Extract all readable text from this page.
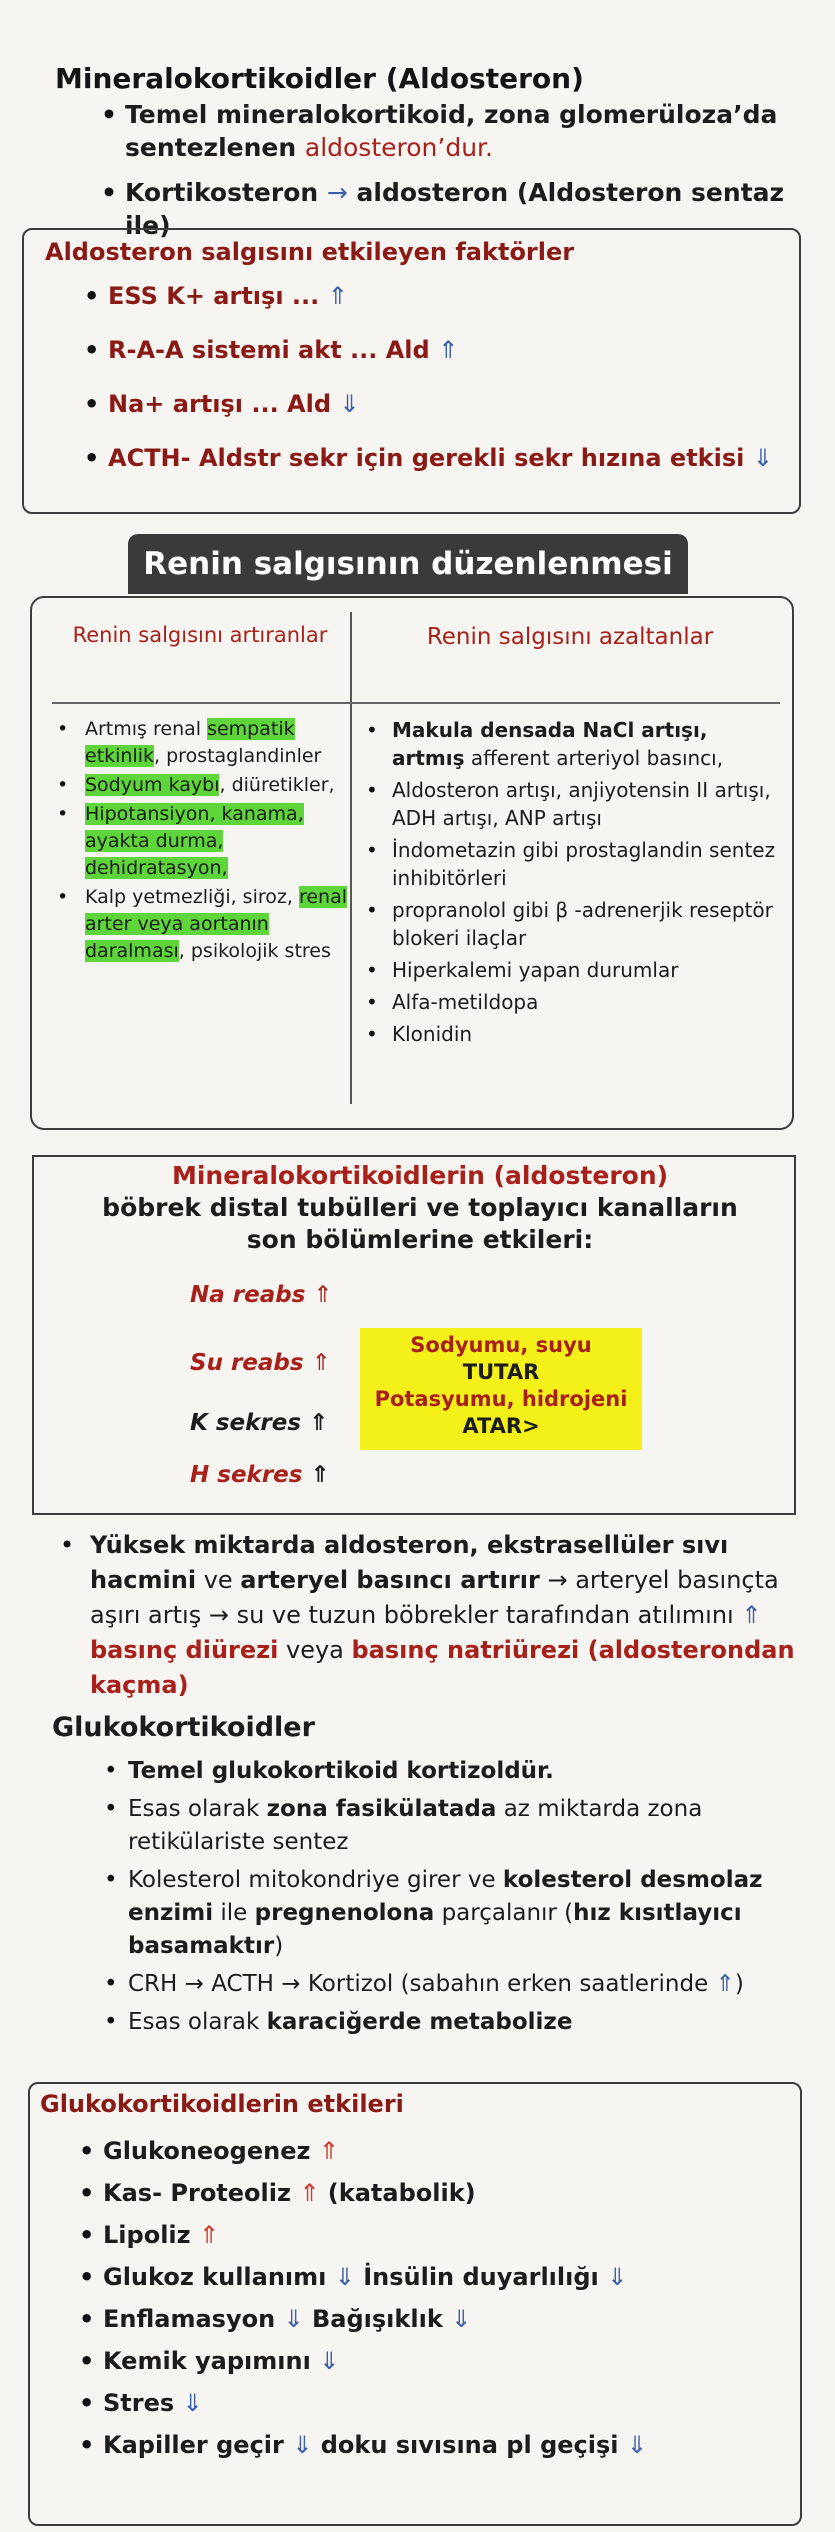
Mineralokortikoidler (Aldosteron)
• Temel mineralokortikoid, zona glomerüloza’da sentezlenen aldosteron’dur.
• Kortikosteron → aldosteron (Aldosteron sentaz ile)
Aldosteron salgısını etkileyen faktörler
• ESS K+ artışı ... ⇑
• R-A-A sistemi akt ... Ald ⇑
• Na+ artışı ... Ald ⇓
• ACTH- Aldstr sekr için gerekli sekr hızına etkisi ⇓
Renin salgısının düzenlenmesi
Renin salgısını artıranlar	Renin salgısını azaltanlar
• Artmış renal sempatik etkinlik, prostaglandinler
• Sodyum kaybı, diüretikler,
• Hipotansiyon, kanama, ayakta durma, dehidratasyon,
• Kalp yetmezliği, siroz, renal arter veya aortanın daralması, psikolojik stres
• Makula densada NaCl artışı, artmış afferent arteriyol basıncı,
• Aldosteron artışı, anjiyotensin II artışı, ADH artışı, ANP artışı
• İndometazin gibi prostaglandin sentez inhibitörleri
• propranolol gibi β -adrenerjik reseptör blokeri ilaçlar
• Hiperkalemi yapan durumlar
• Alfa-metildopa
• Klonidin
Mineralokortikoidlerin (aldosteron)
böbrek distal tubülleri ve toplayıcı kanalların son bölümlerine etkileri:
Na reabs ⇑
Su reabs ⇑
K sekres ⇑
H sekres ⇑
Sodyumu, suyu
TUTAR
Potasyumu, hidrojeni
ATAR>
• Yüksek miktarda aldosteron, ekstrasellüler sıvı hacmini ve arteryel basıncı artırır → arteryel basınçta aşırı artış → su ve tuzun böbrekler tarafından atılımını ⇑ basınç diürezi veya basınç natriürezi (aldosterondan kaçma)
Glukokortikoidler
• Temel glukokortikoid kortizoldür.
• Esas olarak zona fasikülatada az miktarda zona retikülariste sentez
• Kolesterol mitokondriye girer ve kolesterol desmolaz enzimi ile pregnenolona parçalanır (hız kısıtlayıcı basamaktır)
• CRH → ACTH → Kortizol (sabahın erken saatlerinde ⇑)
• Esas olarak karaciğerde metabolize
Glukokortikoidlerin etkileri
• Glukoneogenez ⇑
• Kas- Proteoliz ⇑ (katabolik)
• Lipoliz ⇑
• Glukoz kullanımı ⇓ İnsülin duyarlılığı ⇓
• Enflamasyon ⇓ Bağışıklık ⇓
• Kemik yapımını ⇓
• Stres ⇓
• Kapiller geçir ⇓ doku sıvısına pl geçişi ⇓
